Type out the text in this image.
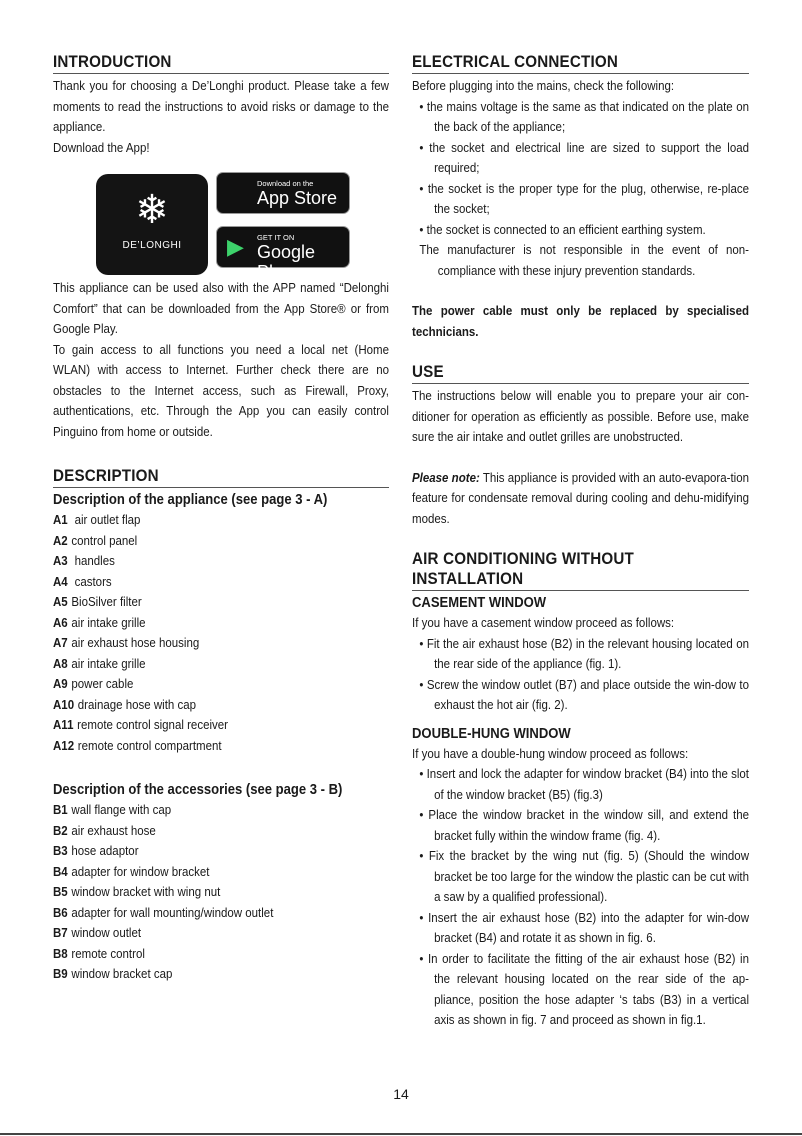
INTRODUCTION

Thank you for choosing a De’Longhi product. Please take a few moments to read the instructions to avoid risks or damage to the appliance.

Download the App!

❄
DE’LONGHI
Download on the
App Store
▶ GET IT ON
Google Play

This appliance can be used also with the APP named “Delonghi Comfort” that can be downloaded from the App Store® or from Google Play.

To gain access to all functions you need a local net (Home WLAN) with access to Internet. Further check there are no obstacles to the Internet access, such as Firewall, Proxy, authentications, etc. Through the App you can easily control Pinguino from home or outside.

DESCRIPTION
Description of the appliance (see page 3 - A)
A1 air outlet flap
A2 control panel
A3 handles
A4 castors
A5 BioSilver filter
A6 air intake grille
A7 air exhaust hose housing
A8 air intake grille
A9 power cable
A10 drainage hose with cap
A11 remote control signal receiver
A12 remote control compartment
Description of the accessories (see page 3 - B)
B1 wall flange with cap
B2 air exhaust hose
B3 hose adaptor
B4 adapter for window bracket
B5 window bracket with wing nut
B6 adapter for wall mounting/window outlet
B7 window outlet
B8 remote control
B9 window bracket cap
ELECTRICAL CONNECTION

Before plugging into the mains, check the following:

• the mains voltage is the same as that indicated on the plate on the back of the appliance;

• the socket and electrical line are sized to support the load required;

• the socket is the proper type for the plug, otherwise, re-place the socket;

• the socket is connected to an efficient earthing system.

The manufacturer is not responsible in the event of non-compliance with these injury prevention standards.

The power cable must only be replaced by specialised technicians.

USE

The instructions below will enable you to prepare your air con-ditioner for operation as efficiently as possible. Before use, make sure the air intake and outlet grilles are unobstructed.

Please note: This appliance is provided with an auto-evapora-tion feature for condensate removal during cooling and dehu-midifying modes.

AIR CONDITIONING WITHOUT INSTALLATION
CASEMENT WINDOW

If you have a casement window proceed as follows:

• Fit the air exhaust hose (B2) in the relevant housing located on the rear side of the appliance (fig. 1).

• Screw the window outlet (B7) and place outside the win-dow to exhaust the hot air (fig. 2).

DOUBLE-HUNG WINDOW

If you have a double-hung window proceed as follows:

• Insert and lock the adapter for window bracket (B4) into the slot of the window bracket (B5) (fig.3)

• Place the window bracket in the window sill, and extend the bracket fully within the window frame (fig. 4).

• Fix the bracket by the wing nut (fig. 5) (Should the window bracket be too large for the window the plastic can be cut with a saw by a qualified professional).

• Insert the air exhaust hose (B2) into the adapter for win-dow bracket (B4) and rotate it as shown in fig. 6.

• In order to facilitate the fitting of the air exhaust hose (B2) in the relevant housing located on the rear side of the ap-pliance, position the hose adapter ‘s tabs (B3) in a vertical axis as shown in fig. 7 and proceed as shown in fig.1.

14
